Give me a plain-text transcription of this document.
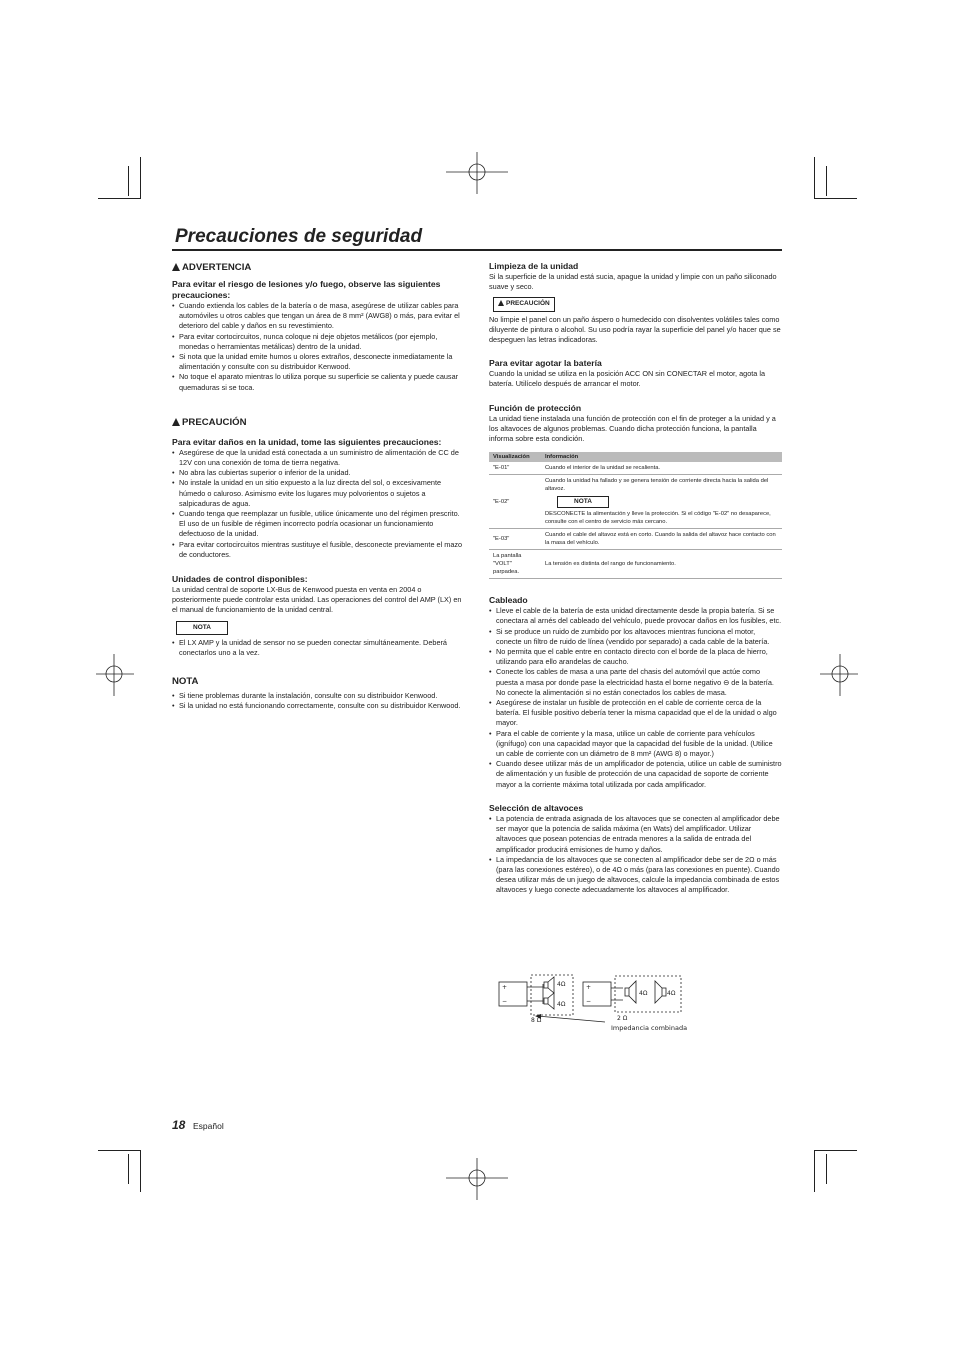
Precauciones de seguridad
ADVERTENCIA

Para evitar el riesgo de lesiones y/o fuego, observe las siguientes precauciones:

• Cuando extienda los cables de la batería o de masa, asegúrese de utilizar cables para automóviles u otros cables que tengan un área de 8 mm² (AWG8) o más, para evitar el deterioro del cable y daños en su revestimiento.
• Para evitar cortocircuitos, nunca coloque ni deje objetos metálicos (por ejemplo, monedas o herramientas metálicas) dentro de la unidad.
• Si nota que la unidad emite humos u olores extraños, desconecte inmediatamente la alimentación y consulte con su distribuidor Kenwood.
• No toque el aparato mientras lo utiliza porque su superficie se calienta y puede causar quemaduras si se toca.
PRECAUCIÓN

Para evitar daños en la unidad, tome las siguientes precauciones:

• Asegúrese de que la unidad está conectada a un suministro de alimentación de CC de 12V con una conexión de toma de tierra negativa.
• No abra las cubiertas superior o inferior de la unidad.
• No instale la unidad en un sitio expuesto a la luz directa del sol, o excesivamente húmedo o caluroso. Asimismo evite los lugares muy polvorientos o sujetos a salpicaduras de agua.
• Cuando tenga que reemplazar un fusible, utilice únicamente uno del régimen prescrito. El uso de un fusible de régimen incorrecto podría ocasionar un funcionamiento defectuoso de la unidad.
• Para evitar cortocircuitos mientras sustituye el fusible, desconecte previamente el mazo de conductores.

Unidades de control disponibles:

La unidad central de soporte LX-Bus de Kenwood puesta en venta en 2004 o posteriormente puede controlar esta unidad. Las operaciones del control del AMP (LX) en el manual de funcionamiento de la unidad central.

NOTA
• El LX AMP y la unidad de sensor no se pueden conectar simultáneamente. Deberá conectarlos uno a la vez.
NOTA
• Si tiene problemas durante la instalación, consulte con su distribuidor Kenwood.
• Si la unidad no está funcionando correctamente, consulte con su distribuidor Kenwood.

Limpieza de la unidad

Si la superficie de la unidad está sucia, apague la unidad y limpie con un paño siliconado suave y seco.

PRECAUCIÓN

No limpie el panel con un paño áspero o humedecido con disolventes volátiles tales como diluyente de pintura o alcohol. Su uso podría rayar la superficie del panel y/o hacer que se despeguen las letras indicadoras.

Para evitar agotar la batería

Cuando la unidad se utiliza en la posición ACC ON sin CONECTAR el motor, agota la batería. Utilícelo después de arrancar el motor.

Función de protección

La unidad tiene instalada una función de protección con el fin de proteger a la unidad y a los altavoces de algunos problemas. Cuando dicha protección funciona, la pantalla informa sobre esta condición.

Visualización	Información
"E-01"	Cuando el interior de la unidad se recalienta.
"E-02"	Cuando la unidad ha fallado y se genera tensión de corriente directa hacia la salida del altavoz.
NOTA
DESCONECTE la alimentación y lleve la protección. Si el código "E-02" no desaparece, consulte con el centro de servicio más cercano.

"E-03"	Cuando el cable del altavoz está en corto. Cuando la salida del altavoz hace contacto con la masa del vehículo.
La pantalla "VOLT" parpadea.	La tensión es distinta del rango de funcionamiento.

Cableado

• Lleve el cable de la batería de esta unidad directamente desde la propia batería. Si se conectara al arnés del cableado del vehículo, puede provocar daños en los fusibles, etc.
• Si se produce un ruido de zumbido por los altavoces mientras funciona el motor, conecte un filtro de ruido de línea (vendido por separado) a cada cable de la batería.
• No permita que el cable entre en contacto directo con el borde de la placa de hierro, utilizando para ello arandelas de caucho.
• Conecte los cables de masa a una parte del chasis del automóvil que actúe como puesta a masa por donde pase la electricidad hasta el borne negativo ⊖ de la batería. No conecte la alimentación si no están conectados los cables de masa.
• Asegúrese de instalar un fusible de protección en el cable de corriente cerca de la batería. El fusible positivo debería tener la misma capacidad que el de la unidad o algo mayor.
• Para el cable de corriente y la masa, utilice un cable de corriente para vehículos (ignífugo) con una capacidad mayor que la capacidad del fusible de la unidad. (Utilice un cable de corriente con un diámetro de 8 mm² (AWG 8) o mayor.)
• Cuando desee utilizar más de un amplificador de potencia, utilice un cable de suministro de alimentación y un fusible de protección de una capacidad de soporte de corriente mayor a la corriente máxima total utilizada por cada amplificador.

Selección de altavoces

• La potencia de entrada asignada de los altavoces que se conecten al amplificador debe ser mayor que la potencia de salida máxima (en Wats) del amplificador. Utilizar altavoces que posean potencias de entrada menores a la salida de entrada del amplificador producirá emisiones de humo y daños.
• La impedancia de los altavoces que se conecten al amplificador debe ser de 2Ω o más (para las conexiones estéreo), o de 4Ω o más (para las conexiones en puente). Cuando desea utilizar más de un juego de altavoces, calcule la impedancia combinada de estos altavoces y luego conecte adecuadamente los altavoces al amplificador.
+
−
+
−
4Ω
4Ω
8 Ω
4Ω	4Ω
2 Ω
Impedancia combinada
18 Español
